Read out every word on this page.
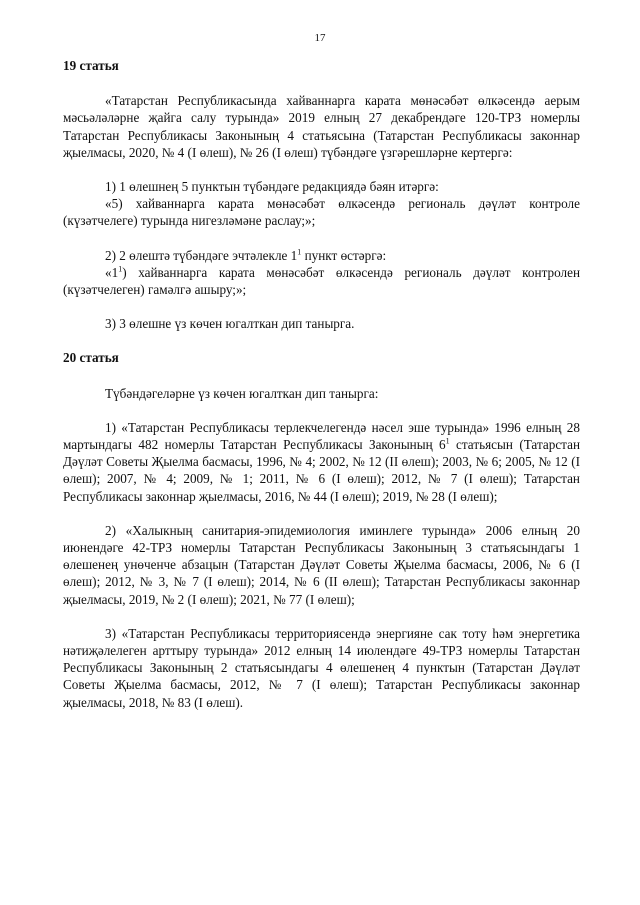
17

19 статья

«Татарстан Республикасында хайваннарга карата мөнәсәбәт өлкәсендә аерым мәсьәләләрне җайга салу турында» 2019 елның 27 декабрендәге 120-ТРЗ номерлы Татарстан Республикасы Законының 4 статьясына (Татарстан Республикасы законнар җыелмасы, 2020, № 4 (I өлеш), № 26 (I өлеш) түбәндәге үзгәрешләрне кертергә:

1) 1 өлешнең 5 пунктын түбәндәге редакциядә бәян итәргә:

«5) хайваннарга карата мөнәсәбәт өлкәсендә региональ дәүләт контроле (күзәтчелеге) турында нигезләмәне раслау;»;

2) 2 өлештә түбәндәге эчтәлекле $1^1$ пункт өстәргә:

«$1^1$) хайваннарга карата мөнәсәбәт өлкәсендә региональ дәүләт контролен (күзәтчелеген) гамәлгә ашыру;»;

3) 3 өлешне үз көчен югалткан дип танырга.

20 статья

Түбәндәгеләрне үз көчен югалткан дип танырга:

1) «Татарстан Республикасы терлекчелегендә нәсел эше турында» 1996 елның 28 мартындагы 482 номерлы Татарстан Республикасы Законының $6^1$ статьясын (Татарстан Дәүләт Советы Җыелма басмасы, 1996, № 4; 2002, № 12 (II өлеш); 2003, № 6; 2005, № 12 (I өлеш); 2007, № 4; 2009, № 1; 2011, № 6 (I өлеш); 2012, № 7 (I өлеш); Татарстан Республикасы законнар җыелмасы, 2016, № 44 (I өлеш); 2019, № 28 (I өлеш);

2) «Халыкның санитария-эпидемиология иминлеге турында» 2006 елның 20 июнендәге 42-ТРЗ номерлы Татарстан Республикасы Законының 3 статьясындагы 1 өлешенең унөченче абзацын (Татарстан Дәүләт Советы Җыелма басмасы, 2006, № 6 (I өлеш); 2012, № 3, № 7 (I өлеш); 2014, № 6 (II өлеш); Татарстан Республикасы законнар җыелмасы, 2019, № 2 (I өлеш); 2021, № 77 (I өлеш);

3) «Татарстан Республикасы территориясендә энергияне сак тоту һәм энергетика нәтиҗәлелеген арттыру турында» 2012 елның 14 июлендәге 49-ТРЗ номерлы Татарстан Республикасы Законының 2 статьясындагы 4 өлешенең 4 пунктын (Татарстан Дәүләт Советы Җыелма басмасы, 2012, № 7 (I өлеш); Татарстан Республикасы законнар җыелмасы, 2018, № 83 (I өлеш).
